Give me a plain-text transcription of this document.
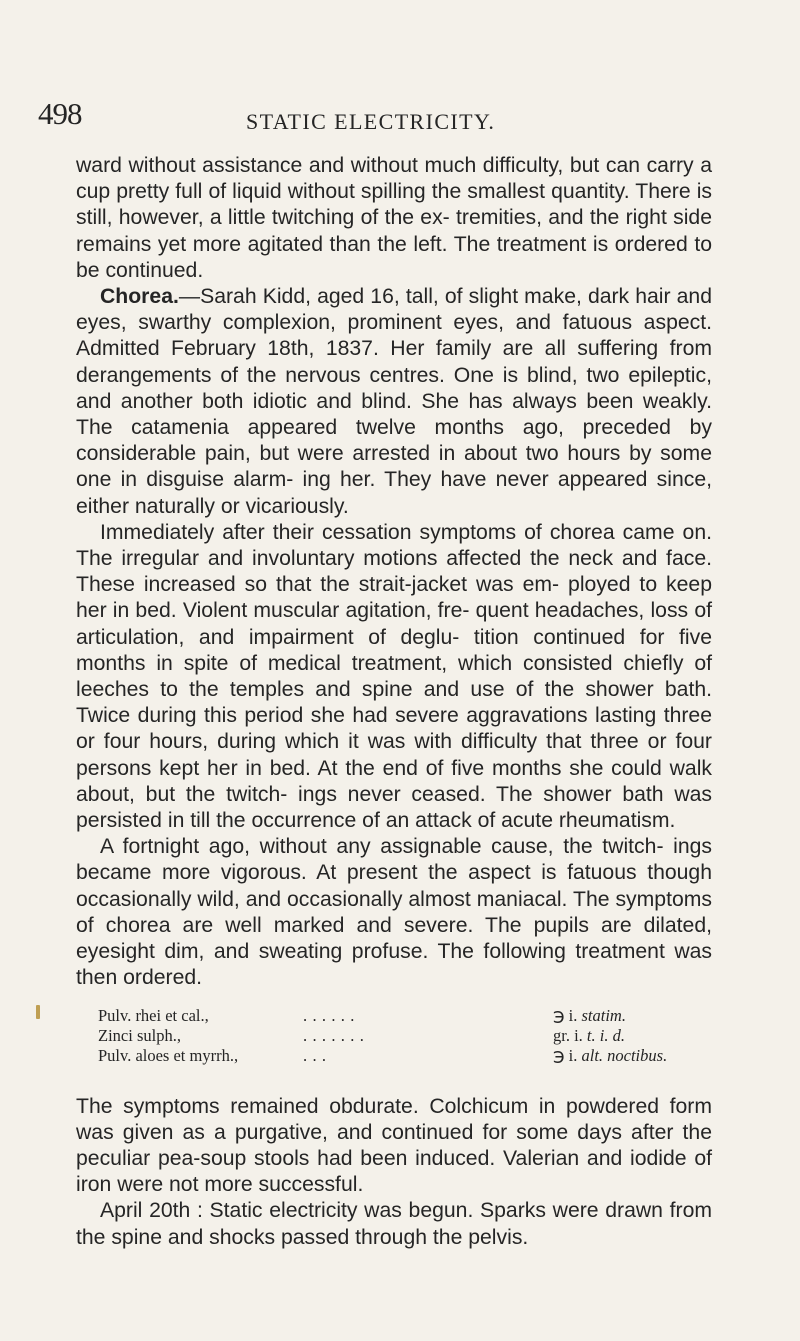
498	STATIC ELECTRICITY.

ward without assistance and without much difficulty, but can carry a cup pretty full of liquid without spilling the smallest quantity. There is still, however, a little twitching of the ex- tremities, and the right side remains yet more agitated than the left. The treatment is ordered to be continued.

Chorea.—Sarah Kidd, aged 16, tall, of slight make, dark hair and eyes, swarthy complexion, prominent eyes, and fatuous aspect. Admitted February 18th, 1837. Her family are all suffering from derangements of the nervous centres. One is blind, two epileptic, and another both idiotic and blind. She has always been weakly. The catamenia appeared twelve months ago, preceded by considerable pain, but were arrested in about two hours by some one in disguise alarm- ing her. They have never appeared since, either naturally or vicariously.

Immediately after their cessation symptoms of chorea came on. The irregular and involuntary motions affected the neck and face. These increased so that the strait-jacket was em- ployed to keep her in bed. Violent muscular agitation, fre- quent headaches, loss of articulation, and impairment of deglu- tition continued for five months in spite of medical treatment, which consisted chiefly of leeches to the temples and spine and use of the shower bath. Twice during this period she had severe aggravations lasting three or four hours, during which it was with difficulty that three or four persons kept her in bed. At the end of five months she could walk about, but the twitch- ings never ceased. The shower bath was persisted in till the occurrence of an attack of acute rheumatism.

A fortnight ago, without any assignable cause, the twitch- ings became more vigorous. At present the aspect is fatuous though occasionally wild, and occasionally almost maniacal. The symptoms of chorea are well marked and severe. The pupils are dilated, eyesight dim, and sweating profuse. The following treatment was then ordered.

Pulv. rhei et cal.,	. . . . . .	℈ i. statim.
Zinci sulph.,	. . . . . . .	gr. i. t. i. d.
Pulv. aloes et myrrh.,	. . .	℈ i. alt. noctibus.

The symptoms remained obdurate. Colchicum in powdered form was given as a purgative, and continued for some days after the peculiar pea-soup stools had been induced. Valerian and iodide of iron were not more successful.

April 20th : Static electricity was begun. Sparks were drawn from the spine and shocks passed through the pelvis.
